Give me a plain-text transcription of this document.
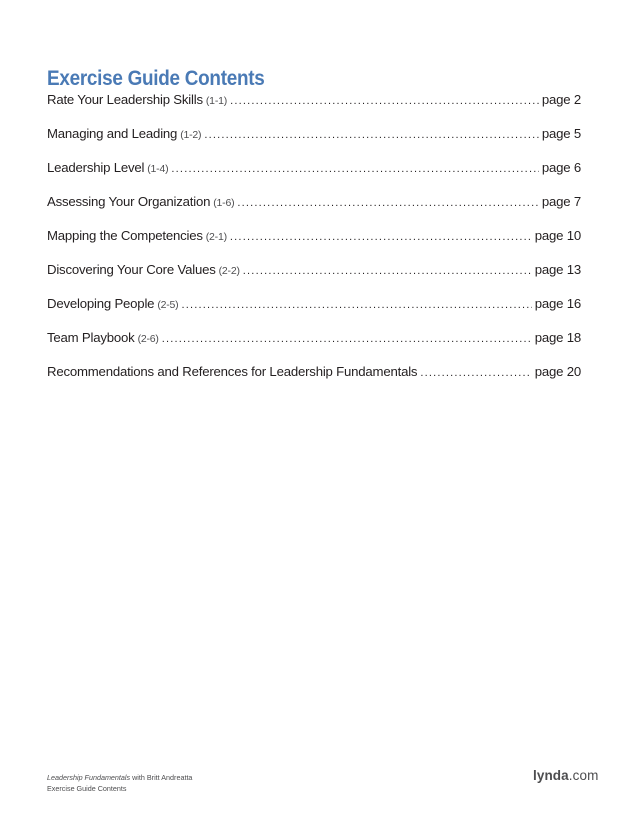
Exercise Guide Contents
Rate Your Leadership Skills (1-1) .....	page 2
Managing and Leading (1-2) .....	page 5
Leadership Level (1-4) .....	page 6
Assessing Your Organization (1-6) .....	page 7
Mapping the Competencies (2-1) .....	page 10
Discovering Your Core Values (2-2) .....	page 13
Developing People (2-5) .....	page 16
Team Playbook (2-6) .....	page 18
Recommendations and References for Leadership Fundamentals .....	page 20
Leadership Fundamentals with Britt Andreatta
Exercise Guide Contents
lynda.com
